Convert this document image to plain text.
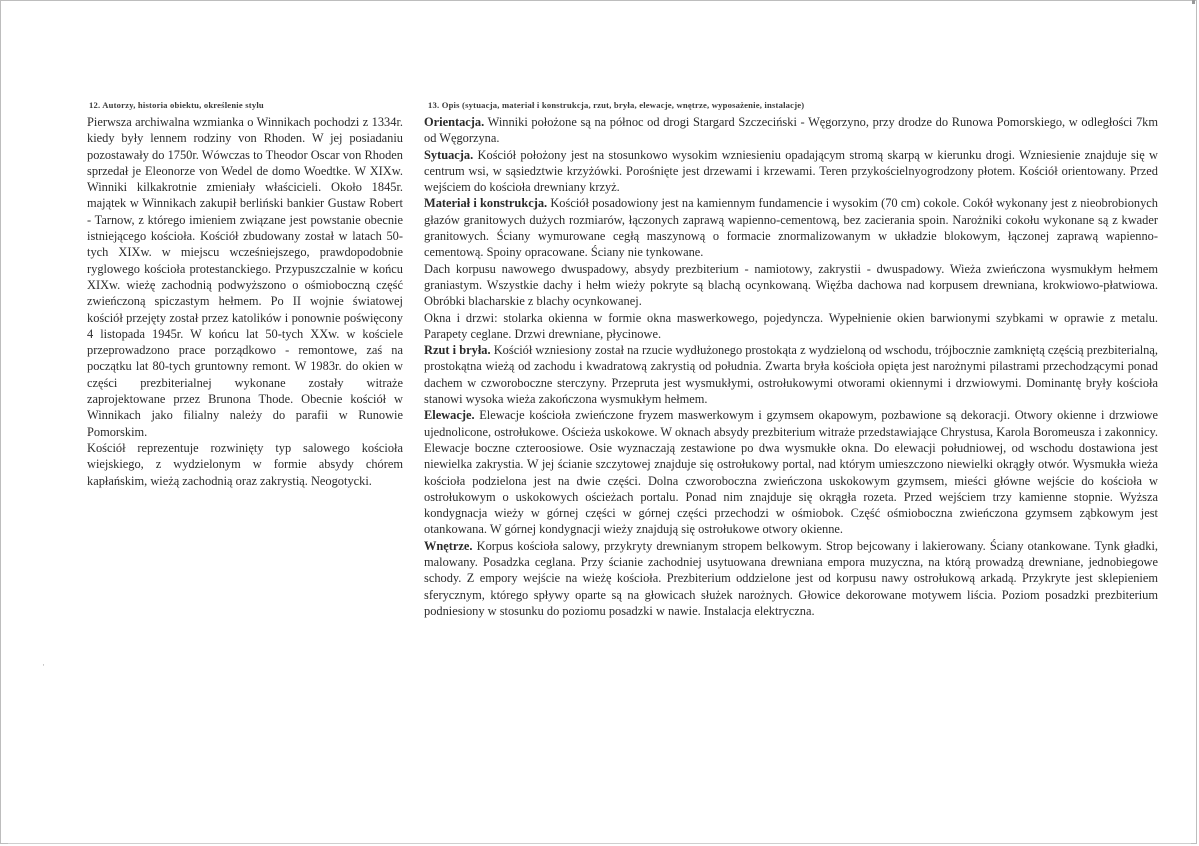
·

12. Autorzy, historia obiektu, określenie stylu

Pierwsza archiwalna wzmianka o Winnikach pochodzi z 1334r. kiedy były lennem rodziny von Rhoden. W jej posiadaniu pozostawały do 1750r. Wówczas to Theodor Oscar von Rhoden sprzedał je Eleonorze von Wedel de domo Woedtke. W XIXw. Winniki kilkakrotnie zmieniały właścicieli. Około 1845r. majątek w Winnikach zakupił berliński bankier Gustaw Robert - Tarnow, z którego imieniem związane jest powstanie obecnie istniejącego kościoła. Kościół zbudowany został w latach 50-tych XIXw. w miejscu wcześniejszego, prawdopodobnie ryglowego kościoła protestanckiego. Przypuszczalnie w końcu XIXw. wieżę zachodnią podwyższono o ośmioboczną część zwieńczoną spiczastym hełmem. Po II wojnie światowej kościół przejęty został przez katolików i ponownie poświęcony 4 listopada 1945r. W końcu lat 50-tych XXw. w kościele przeprowadzono prace porządkowo - remontowe, zaś na początku lat 80-tych gruntowny remont. W 1983r. do okien w części prezbiterialnej wykonane zostały witraże zaprojektowane przez Brunona Thode. Obecnie kościół w Winnikach jako filialny należy do parafii w Runowie Pomorskim.

Kościół reprezentuje rozwinięty typ salowego kościoła wiejskiego, z wydzielonym w formie absydy chórem kapłańskim, wieżą zachodnią oraz zakrystią. Neogotycki.

13. Opis (sytuacja, materiał i konstrukcja, rzut, bryła, elewacje, wnętrze, wyposażenie, instalacje)

Orientacja. Winniki położone są na północ od drogi Stargard Szczeciński - Węgorzyno, przy drodze do Runowa Pomorskiego, w odległości 7km od Węgorzyna.

Sytuacja. Kościół położony jest na stosunkowo wysokim wzniesieniu opadającym stromą skarpą w kierunku drogi. Wzniesienie znajduje się w centrum wsi, w sąsiedztwie krzyżówki. Porośnięte jest drzewami i krzewami. Teren przykościelnyogrodzony płotem. Kościół orientowany. Przed wejściem do kościoła drewniany krzyż.

Materiał i konstrukcja. Kościół posadowiony jest na kamiennym fundamencie i wysokim (70 cm) cokole. Cokół wykonany jest z nieobrobionych głazów granitowych dużych rozmiarów, łączonych zaprawą wapienno-cementową, bez zacierania spoin. Narożniki cokołu wykonane są z kwader granitowych. Ściany wymurowane cegłą maszynową o formacie znormalizowanym w układzie blokowym, łączonej zaprawą wapienno-cementową. Spoiny opracowane. Ściany nie tynkowane.

Dach korpusu nawowego dwuspadowy, absydy prezbiterium - namiotowy, zakrystii - dwuspadowy. Wieża zwieńczona wysmukłym hełmem graniastym. Wszystkie dachy i hełm wieży pokryte są blachą ocynkowaną. Więźba dachowa nad korpusem drewniana, krokwiowo-płatwiowa. Obróbki blacharskie z blachy ocynkowanej.

Okna i drzwi: stolarka okienna w formie okna maswerkowego, pojedyncza. Wypełnienie okien barwionymi szybkami w oprawie z metalu. Parapety ceglane. Drzwi drewniane, płycinowe.

Rzut i bryła. Kościół wzniesiony został na rzucie wydłużonego prostokąta z wydzieloną od wschodu, trójbocznie zamkniętą częścią prezbiterialną, prostokątna wieżą od zachodu i kwadratową zakrystią od południa. Zwarta bryła kościoła opięta jest narożnymi pilastrami przechodzącymi ponad dachem w czworoboczne sterczyny. Przepruta jest wysmukłymi, ostrołukowymi otworami okiennymi i drzwiowymi. Dominantę bryły kościoła stanowi wysoka wieża zakończona wysmukłym hełmem.

Elewacje. Elewacje kościoła zwieńczone fryzem maswerkowym i gzymsem okapowym, pozbawione są dekoracji. Otwory okienne i drzwiowe ujednolicone, ostrołukowe. Ościeża uskokowe. W oknach absydy prezbiterium witraże przedstawiające Chrystusa, Karola Boromeusza i zakonnicy. Elewacje boczne czteroosiowe. Osie wyznaczają zestawione po dwa wysmukłe okna. Do elewacji południowej, od wschodu dostawiona jest niewielka zakrystia. W jej ścianie szczytowej znajduje się ostrołukowy portal, nad którym umieszczono niewielki okrągły otwór. Wysmukła wieża kościoła podzielona jest na dwie części. Dolna czworoboczna zwieńczona uskokowym gzymsem, mieści główne wejście do kościoła w ostrołukowym o uskokowych ościeżach portalu. Ponad nim znajduje się okrągła rozeta. Przed wejściem trzy kamienne stopnie. Wyższa kondygnacja wieży w górnej części w górnej części przechodzi w ośmiobok. Część ośmioboczna zwieńczona gzymsem ząbkowym jest otankowana. W górnej kondygnacji wieży znajdują się ostrołukowe otwory okienne.

Wnętrze. Korpus kościoła salowy, przykryty drewnianym stropem belkowym. Strop bejcowany i lakierowany. Ściany otankowane. Tynk gładki, malowany. Posadzka ceglana. Przy ścianie zachodniej usytuowana drewniana empora muzyczna, na którą prowadzą drewniane, jednobiegowe schody. Z empory wejście na wieżę kościoła. Prezbiterium oddzielone jest od korpusu nawy ostrołukową arkadą. Przykryte jest sklepieniem sferycznym, którego spływy oparte są na głowicach służek narożnych. Głowice dekorowane motywem liścia. Poziom posadzki prezbiterium podniesiony w stosunku do poziomu posadzki w nawie. Instalacja elektryczna.
